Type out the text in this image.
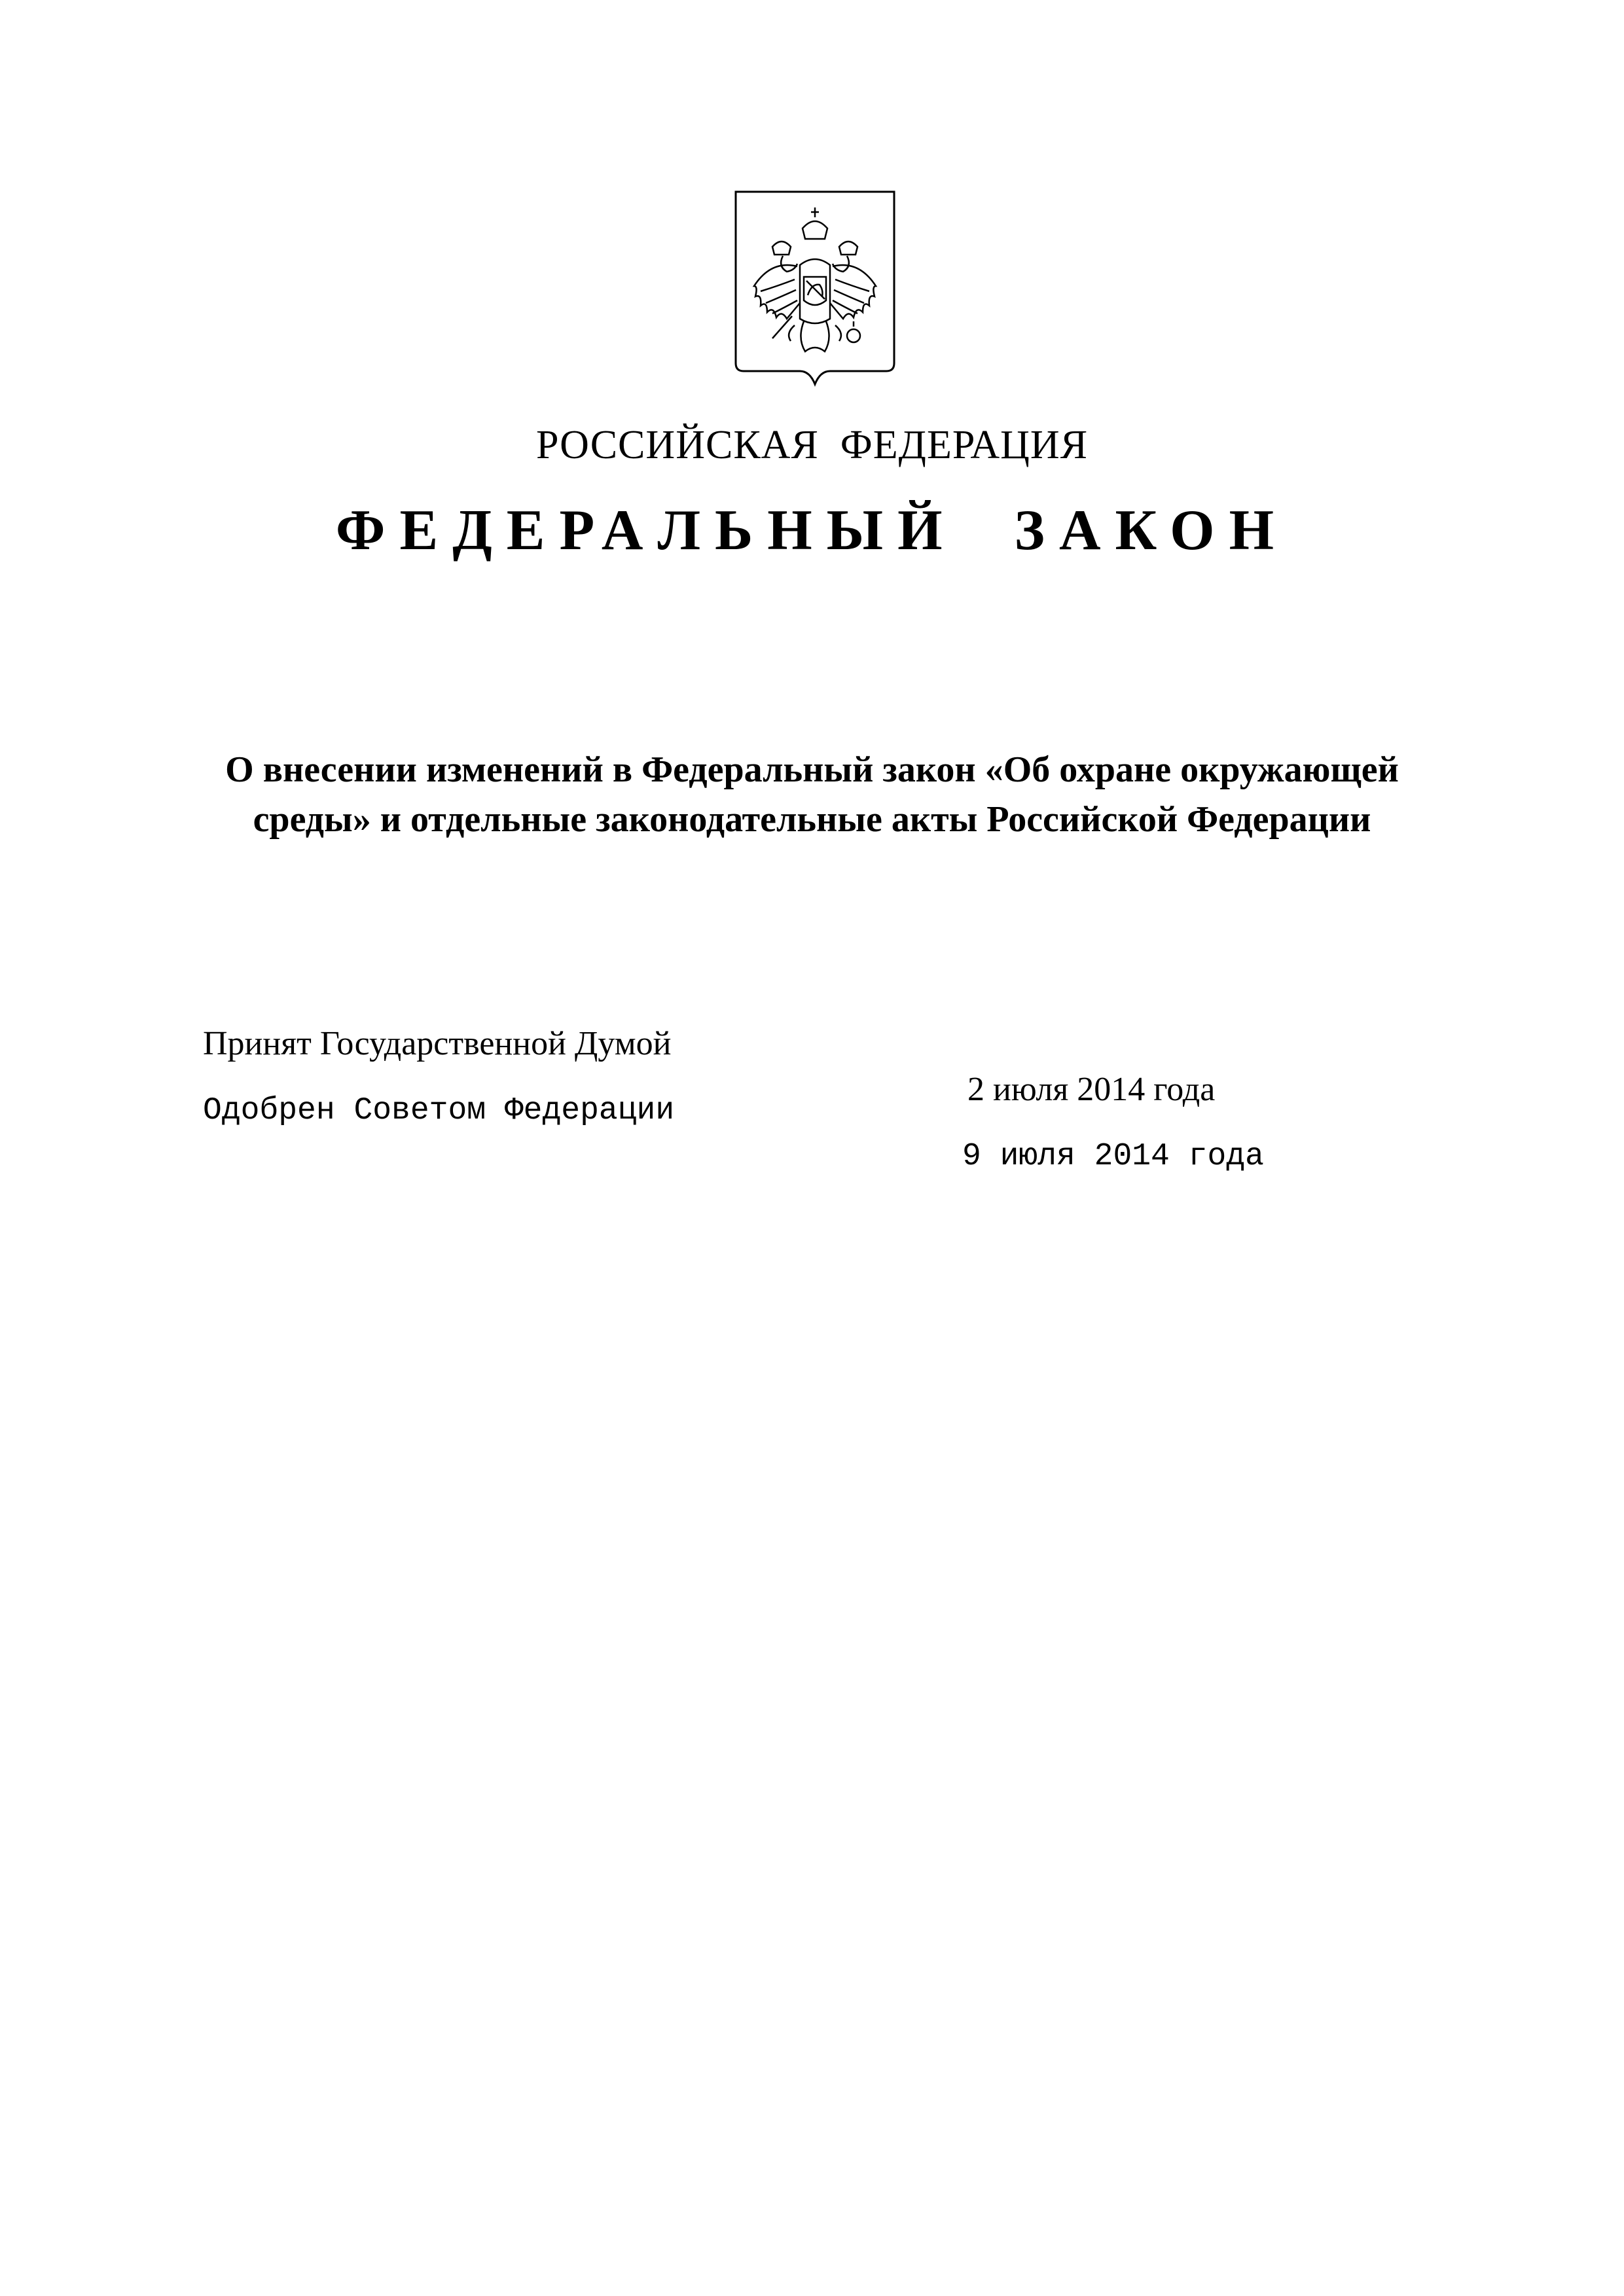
РОССИЙСКАЯ  ФЕДЕРАЦИЯ
ФЕДЕРАЛЬНЫЙ  ЗАКОН
О внесении изменений в Федеральный закон «Об охране окружающей
среды» и отдельные законодательные акты Российской Федерации

Принят Государственной Думой

2 июля 2014 года

Одобрен Советом Федерации

9 июля 2014 года
